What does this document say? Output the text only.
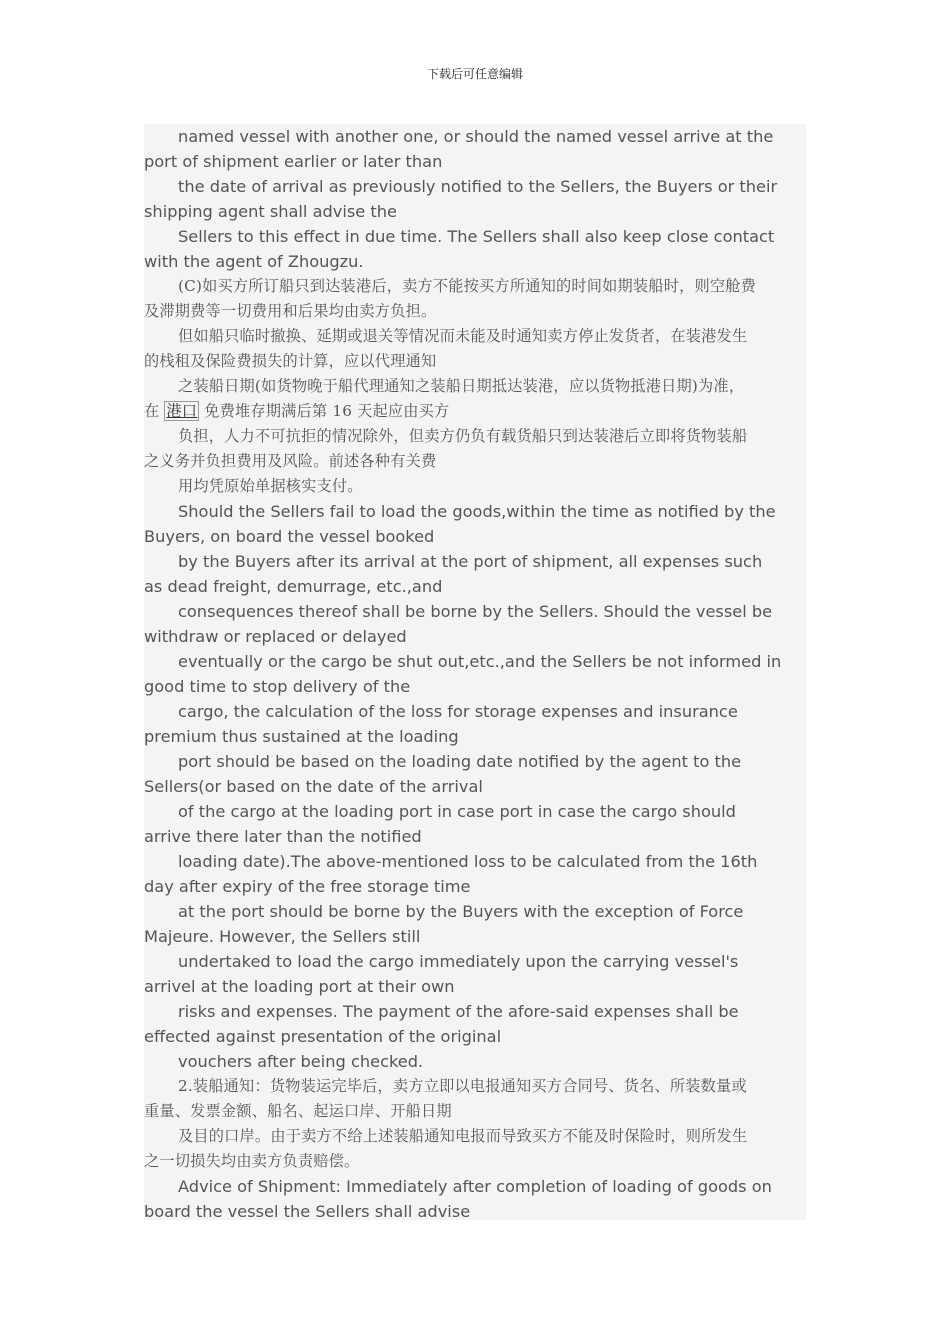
下载后可任意编辑

named vessel with another one, or should the named vessel arrive at the
port of shipment earlier or later than

the date of arrival as previously notified to the Sellers, the Buyers or their
shipping agent shall advise the

Sellers to this effect in due time. The Sellers shall also keep close contact
with the agent of Zhougzu.

(C)如买方所订船只到达装港后，卖方不能按买方所通知的时间如期装船时，则空舱费
及滞期费等一切费用和后果均由卖方负担。

但如船只临时撤换、延期或退关等情况而未能及时通知卖方停止发货者，在装港发生
的栈租及保险费损失的计算，应以代理通知

之装船日期(如货物晚于船代理通知之装船日期抵达装港，应以货物抵港日期)为准，
在 港口 免费堆存期满后第 16 天起应由买方

负担，人力不可抗拒的情况除外，但卖方仍负有载货船只到达装港后立即将货物装船
之义务并负担费用及风险。前述各种有关费

用均凭原始单据核实支付。

Should the Sellers fail to load the goods,within the time as notified by the
Buyers, on board the vessel booked

by the Buyers after its arrival at the port of shipment, all expenses such
as dead freight, demurrage, etc.,and

consequences thereof shall be borne by the Sellers. Should the vessel be
withdraw or replaced or delayed

eventually or the cargo be shut out,etc.,and the Sellers be not informed in
good time to stop delivery of the

cargo, the calculation of the loss for storage expenses and insurance
premium thus sustained at the loading

port should be based on the loading date notified by the agent to the
Sellers(or based on the date of the arrival

of the cargo at the loading port in case port in case the cargo should
arrive there later than the notified

loading date).The above-mentioned loss to be calculated from the 16th
day after expiry of the free storage time

at the port should be borne by the Buyers with the exception of Force
Majeure. However, the Sellers still

undertaked to load the cargo immediately upon the carrying vessel's
arrivel at the loading port at their own

risks and expenses. The payment of the afore-said expenses shall be
effected against presentation of the original

vouchers after being checked.

2.装船通知：货物装运完毕后，卖方立即以电报通知买方合同号、货名、所装数量或
重量、发票金额、船名、起运口岸、开船日期

及目的口岸。由于卖方不给上述装船通知电报而导致买方不能及时保险时，则所发生
之一切损失均由卖方负责赔偿。

Advice of Shipment: Immediately after completion of loading of goods on
board the vessel the Sellers shall advise
